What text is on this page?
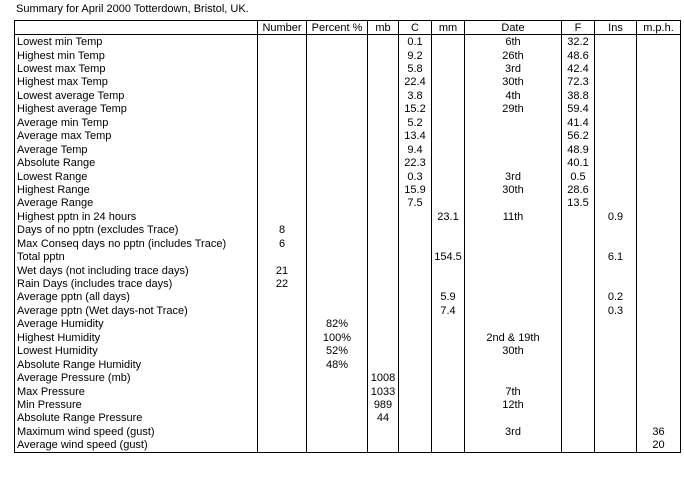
Summary for April 2000 Totterdown, Bristol, UK.
	Number	Percent %	mb	C	mm	Date	F	Ins	m.p.h.
Lowest min Temp				0.1		6th	32.2		
Highest min Temp				9.2		26th	48.6		
Lowest max Temp				5.8		3rd	42.4		
Highest max Temp				22.4		30th	72.3		
Lowest average Temp				3.8		4th	38.8		
Highest average Temp				15.2		29th	59.4		
Average min Temp				5.2			41.4		
Average max Temp				13.4			56.2		
Average Temp				9.4			48.9		
Absolute Range				22.3			40.1		
Lowest Range				0.3		3rd	0.5		
Highest Range				15.9		30th	28.6		
Average Range				7.5			13.5		
Highest pptn in 24 hours					23.1	11th		0.9	
Days of no pptn (excludes Trace)	8								
Max Conseq days no pptn (includes Trace)	6								
Total pptn					154.5			6.1	
Wet days (not including trace days)	21								
Rain Days (includes trace days)	22								
Average pptn (all days)					5.9			0.2	
Average pptn (Wet days-not Trace)					7.4			0.3	
Average Humidity		82%							
Highest Humidity		100%				2nd & 19th			
Lowest Humidity		52%				30th			
Absolute Range Humidity		48%							
Average Pressure (mb)			1008						
Max Pressure			1033			7th			
Min Pressure			989			12th			
Absolute Range Pressure			44						
Maximum wind speed (gust)						3rd			36
Average wind speed (gust)									20
